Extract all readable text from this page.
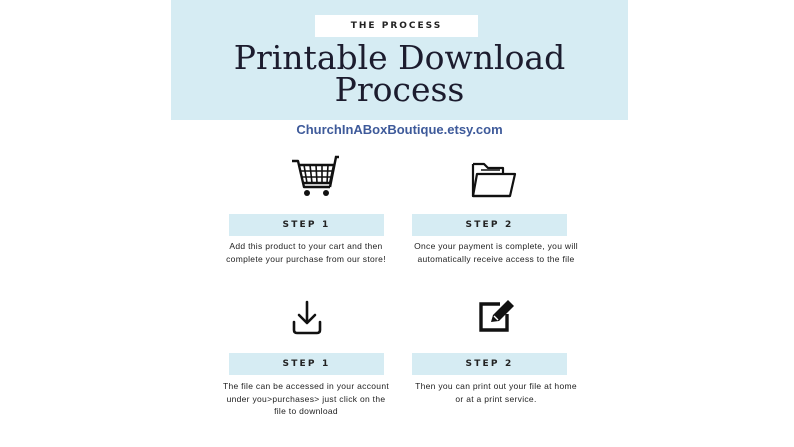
THE PROCESS
Printable Download
Process
ChurchInABoxBoutique.etsy.com
STEP 1
Add this product to your cart and then complete your purchase from our store!
STEP 2
Once your payment is complete, you will automatically receive access to the file
STEP 1
The file can be accessed in your account under you>purchases> just click on the file to download
STEP 2
Then you can print out your file at home or at a print service.
